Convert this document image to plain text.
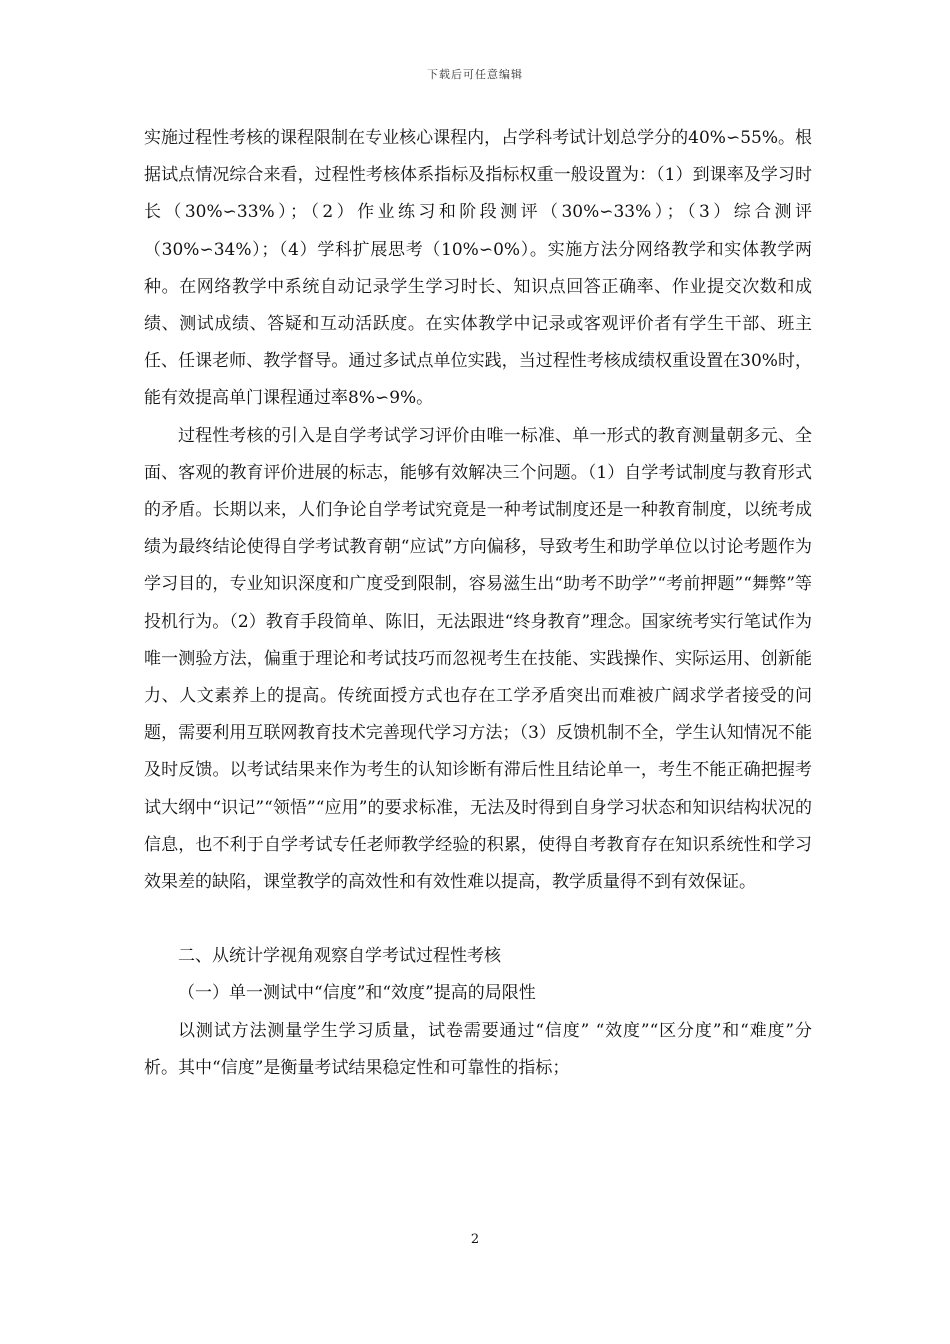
下载后可任意编辑

实施过程性考核的课程限制在专业核心课程内，占学科考试计划总学分的40%∽55%。根据试点情况综合来看，过程性考核体系指标及指标权重一般设置为：（1）到课率及学习时长（30%∽33%）；（2）作业练习和阶段测评（30%∽33%）；（3）综合测评（30%∽34%）；（4）学科扩展思考（10%∽0%）。实施方法分网络教学和实体教学两种。在网络教学中系统自动记录学生学习时长、知识点回答正确率、作业提交次数和成绩、测试成绩、答疑和互动活跃度。在实体教学中记录或客观评价者有学生干部、班主任、任课老师、教学督导。通过多试点单位实践，当过程性考核成绩权重设置在30%时，能有效提高单门课程通过率8%∽9%。

过程性考核的引入是自学考试学习评价由唯一标准、单一形式的教育测量朝多元、全面、客观的教育评价进展的标志，能够有效解决三个问题。（1）自学考试制度与教育形式的矛盾。长期以来，人们争论自学考试究竟是一种考试制度还是一种教育制度，以统考成绩为最终结论使得自学考试教育朝“应试”方向偏移，导致考生和助学单位以讨论考题作为学习目的，专业知识深度和广度受到限制，容易滋生出“助考不助学”“考前押题”“舞弊”等投机行为。（2）教育手段简单、陈旧，无法跟进“终身教育”理念。国家统考实行笔试作为唯一测验方法，偏重于理论和考试技巧而忽视考生在技能、实践操作、实际运用、创新能力、人文素养上的提高。传统面授方式也存在工学矛盾突出而难被广阔求学者接受的问题，需要利用互联网教育技术完善现代学习方法；（3）反馈机制不全，学生认知情况不能及时反馈。以考试结果来作为考生的认知诊断有滞后性且结论单一，考生不能正确把握考试大纲中“识记”“领悟”“应用”的要求标准，无法及时得到自身学习状态和知识结构状况的信息，也不利于自学考试专任老师教学经验的积累，使得自考教育存在知识系统性和学习效果差的缺陷，课堂教学的高效性和有效性难以提高，教学质量得不到有效保证。

二、从统计学视角观察自学考试过程性考核

（一）单一测试中“信度”和“效度”提高的局限性

以测试方法测量学生学习质量，试卷需要通过“信度” “效度”“区分度”和“难度”分析。其中“信度”是衡量考试结果稳定性和可靠性的指标；

2
